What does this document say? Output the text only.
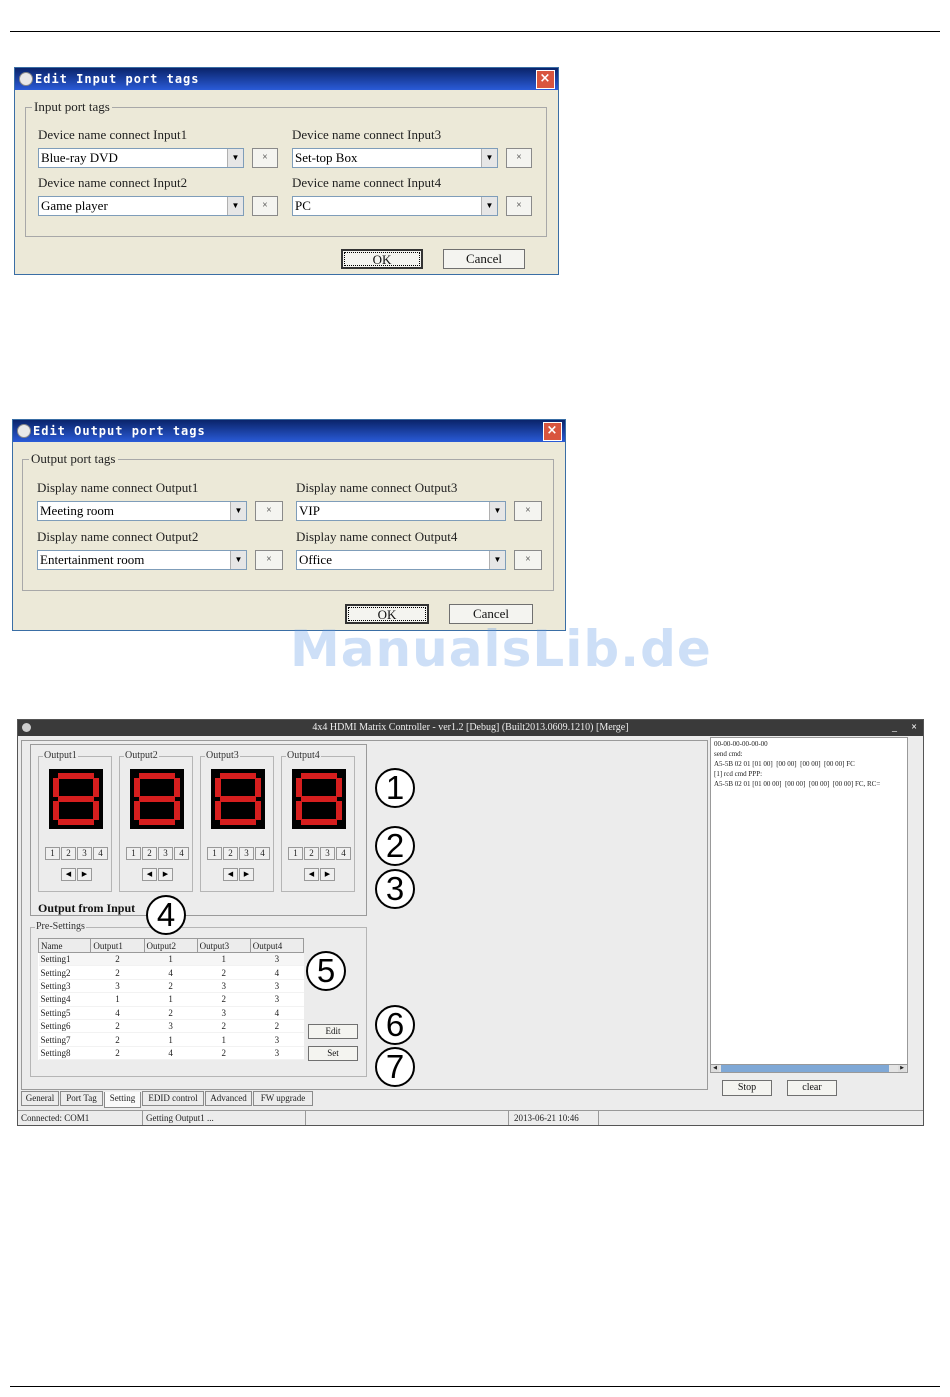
Edit Input port tags	×
Input port tags
Device name connect Input1
Blue-ray DVD	▼	×
Device name connect Input2
Game player	▼	×
Device name connect Input3
Set-top Box	▼	×
Device name connect Input4
PC	▼	×
OK	Cancel
Edit Output port tags	×
Output port tags
Display name connect Output1
Meeting room	▼	×
Display name connect Output2
Entertainment room	▼	×
Display name connect Output3
VIP	▼	×
Display name connect Output4
Office	▼	×
OK	Cancel
ManualsLib.de
4x4 HDMI Matrix Controller - ver1.2 [Debug] (Built2013.0609.1210) [Merge]	_ ×
Output1
1	2	3	4
◀	▶
Output2
1	2	3	4
◀	▶
Output3
1	2	3	4
◀	▶
Output4
1	2	3	4
◀	▶
Output from Input
Pre-Settings
Name	Output1	Output2	Output3	Output4
Setting1	2	1	1	3
Setting2	2	4	2	4
Setting3	3	2	3	3
Setting4	1	1	2	3
Setting5	4	2	3	4
Setting6	2	3	2	2
Setting7	2	1	1	3
Setting8	2	4	2	3
Edit
Set
1
2
3
4
5
6
7
General	Port Tag	Setting	EDID control	Advanced	FW upgrade
00-00-00-00-00-00
send cmd:
A5-5B 02 01 [01 00]  [00 00]  [00 00]  [00 00] FC
[1] rcd cmd PPP:
A5-5B 02 01 [01 00 00]  [00 00]  [00 00]  [00 00] FC, RC=
◀	▶
Stop	clear
Connected: COM1	Getting Output1 ...	2013-06-21 10:46
